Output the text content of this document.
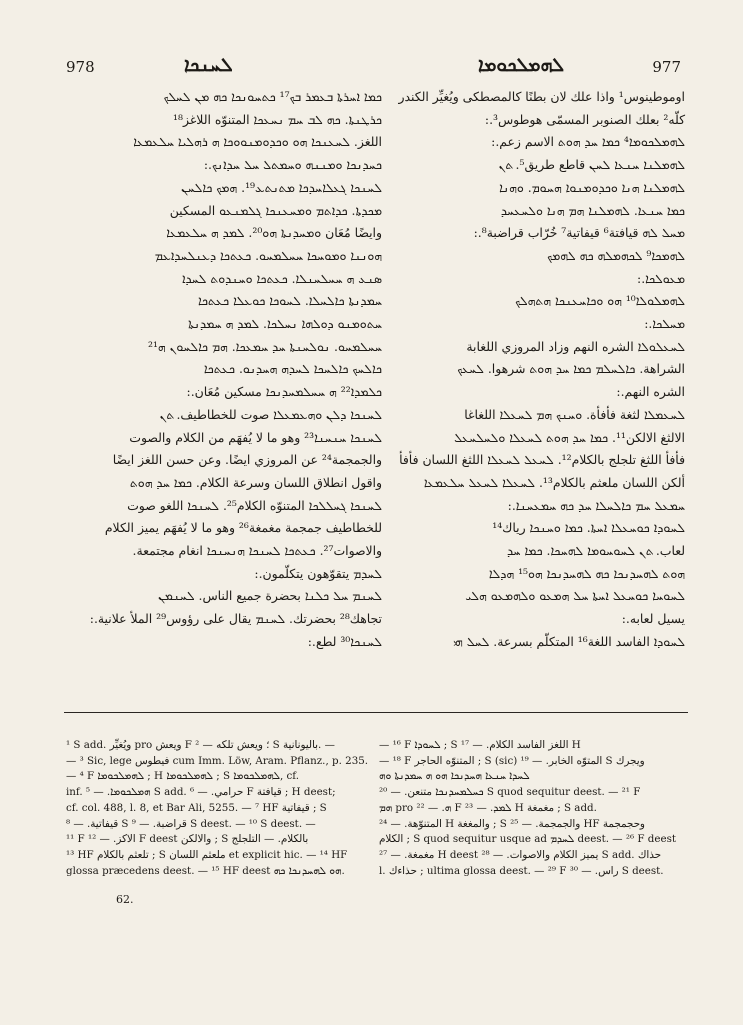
978	ܠܚܢܟܐ	ܠܗܡܠܟܘܡܐ	977

ܟܡܐ ܐܚܪܬܐ ܒܥܡܪ ܒܟ¹⁷ ܟܬܚܘܢܟܐ ܟܗ ܡܢ ܠܚܠܟ

ܟܪܛܢܬܐ. ܟܗ ܠܒ ܚܡ ܢܚܥܟܐ المتنوّه اللاغز¹⁸

اللغز. ܠܚܥܢܟܐ ܗܘ ܘܟܕܘܡܢܘܘܟܐ ܗ ܪܗܠܝܐ ܚܠܥܡܥܐ

ܟܚܕܢܟܐ ܘܡܢܢܗ ܘܚܡܬܠ ܚܠ ܚܕܐܢܟ.:

ܠܚܢܟܐ ܓܥܠܐܚܕܟܐ ܡܬܢܬܥ¹⁹. ܗܡܟ ܟܐܠܚܢ

ܡܟܕܬܐ. ܟܕܐܬܡ ܘܡܚܥܢܟܐ ܓܠܡܢܥܘ المسكين

وايضًا مُعَان ܘܡܚܕܢܬܐ ܗܘ²⁰. ܠܡܕ ܗ ܚܠܥܡܥܐ

ܗܘܢܢܐ ܘܡܘܚܟܐ ܚܚܠܡܚܘ. ܟܥܬܟܐ ܕܥܢܠܚܕܐܥܡ

ܣܢܥ ܗ ܚܚܠܚܢܠܐ. ܟܥܬܟܐ ܘܚܢܕܘܬ ܠܚܕܐ

ܚܡܕܢܬܐ ܟܐܠܚܠܐ. ܠܚܘܟܐ ܟܘܥܠܐ ܟܥܬܟܐ

ܚܬܘܡܢܘ ܕܘܠܗܐ ܢܚܠܟܐ. ܠܡܕ ܗ ܚܡܕܢܬܐ

ܚܚܠܡܚܘ. ܢܘܠܚܢܬܐ ܚܕ ܚܡܥܟܐ. ܗܡ ܟܐܠܚܘܢ ܗ²¹

ܟܐܠܚܟ ܟܐܠܚܟܐ ܠܚܕܗ ܗܚܕܢܘ. ܟܥܬܟܐ

ܟܠܡܕܐ²² ܗ ܚܚܠܡܚܕܢܟܐ مسكين مُعَان.:

ܠܚܢܟܐ ܕܠܢ ܘܗܥܡܥܠܐ صوت للخطاطيف. ܬܢ

ܠܚܢܟܐ ܚܢܚܢܐ²³ وهو ما لا يُفهَم من الكلام والصوت

والجمجمة²⁴ عن المروزي ايضًا. وعن حسن اللغز ايضًا

واقول انطلاق اللسان وسرعة الكلام. ܟܡܐ ܚܕ ܗܘܬ

ܠܚܢܟܐ ܓܚܠܠܟܐ المتنوّه الكلام²⁵. ܠܚܢܟܐ اللغو صوت

للخطاطيف جمجمة مغمغة²⁶ وهو ما لا يُفهَم يميز الكلام

والاصوات²⁷. ܟܥܬܟܐ ܠܚܢܟܐ ܗܢܚܢܟܐ انغام مجتمعة.

ܠܚܕܡ يتقوّهون يتكلّمون.:

ܠܚܢܡ ܚܠ ܟܠܢܐ بحضرة جميع الناس. ܠܚܢܡܢ

تجاهك²⁸ بحضرتك. ܠܚܢܡ يقال على رؤوس²⁹ الملأ علانية.:

ܠܚܢܟܐ³⁰ لطع.:

اوموطينوس¹ واذا علك لان بطنًا كالمصطكى ويُغيِّر الكندر

كلّه² بعلك الصنوبر المسمّى هوطوس³.:

ܠܗܡܠܟܘܡܐ⁴ ܟܡܐ ܚܕ ܗܘܬ الاسم زعم.:

ܠܗܡܠܢܐ ܚܢܥܐ ܠܚܢ قاطع طريق⁵. ܬܢ

ܠܗܡܠܢܐ ܗܢܐ ܘܟܕܘܡܢܘܐ ܗܚܘܡ. ܘܗܢܐ

ܟܡܐ ܚܢܥܐ. ܠܗܡܠܢܐ ܗܡ ܗܢܐ ܘܠܚܥܚܕ

ܡܚܠ ܠܗ قيافتة⁶ قيفاتية⁷ خُرّاب قراضبة⁸.:

ܠܗܡܟܐ⁹ ܠܟܗܡܠܗ ܟܗ ܠܗܡܟ

ܡܥܘܠܟܐ.:

ܠܗܡܠܘܠܐ¹⁰ ܗܘ ܘܟܐܚܥܢܟܐ ܗܬܗܠܟ

ܡܚܠܟܐ.:

ܠܚܥܠܘܠܐ الشره النهم وزاد المروزي اللغابة

الشراهة. ܟܐܠܚܠܡ ܟܡܐ ܚܕ ܗܘܬ شرهوا. ܠܚܥܟ

الشره النهم.:

ܠܚܥܡܠܐ لثغة فأفأة. ܘܚܢܟ ܗܡ ܠܚܥܠܐ اللغاغا

الالثغ الالكن¹¹. ܟܡܐ ܚܕ ܗܘܬ ܠܚܥܠܐ ܘܠܚܠܚܥܠ

فأفأ اللثغ تلجلج بالكلام¹². ܠܚܥܠ ܠܚܥܠܐ اللثغ اللسان فأفأ

ألكن اللسان ملعثم بالكلام¹³. ܠܚܥܠܐ ܠܚܥܠ ܚܠܥܡܥܐ

ܚܡܥܠ ܚܡ ܟܐܠܚܠܐ ܚܕ ܟܗ ܚܡܥܚܢܐ.:

ܠܚܘܕܐ ܟܘܚܥܠܐ ܐܚܬܐ. ܟܡܐ ܘܚܢܟܐ رياك¹⁴

لعاب. ܬܢ ܠܚܘܚܘܡܐ ܠܗܚܟܐ. ܟܡܐ ܚܕ

ܗܘܬ ܠܗܚܕܢܟܐ ܟܗ ܠܗܚܕܢܟܐ ܗܘ¹⁵ ܗܕܠܐ

ܠܚܘܚܐ ܟܘܚܥܠ ܐܚܬܐ ܚܠ ܗܡܥܘ ܘܠܗܡܥܘ ܗܠܝ

يسيل لعابه.:

ܠܚܘܕܐ الفاسد اللغة¹⁶ المتكلّم بسرعة. ܠܚܠ ܗܝ

¹ S add. ويُغيِّر pro ويعش F ؛ ويعش تلكه — ² S باليونانية. —
— ³ Sic, lege فيطوس cum Imm. Löw, Aram. Pflanz., p. 235.
— ⁴ F ܠܗܡܠܟܘܡܐ ; H ܠܗܡܠܟܘܡܐ ; S ܠܗܡܠܟܘܡܐ, cf.
inf. ܗܡܠܟܘܡܐ. — ⁵ S add. حرامي. — ⁶ F قيافتة ; H deest;
cf. col. 488, l. 8, et Bar Ali, 5255. — ⁷ HF قيفاتية ; S
قيفاتية. — ⁸ S قراضبة. — ⁹ S deest. — ¹⁰ S deest. —
¹¹ F الاكز. — ¹² F deest والالكن ; S بالكلام. — التلجلج
¹³ HF تلعثم بالكلام ; S ملعثم اللسان et explicit hic. — ¹⁴ HF
glossa præcedens deest. — ¹⁵ HF deest ܗܘ ܠܗܚܕܢܟܐ ܟܗ.
— ¹⁶ F ܠܚܘܕܐ ; S اللغز الفاسد الكلام. — ¹⁷ H
— ¹⁸ F المتنوّه الحاجر ; S (sic) المتوّه الخابر. — ¹⁹ S ويجرك
ܠܚܕܐ ܚܢܥܐ ܗܚܕܢܟܐ ܗܘ ܗ ܚܡܕܢܬܐ ܘܗ
ܟܚܠܡܚܕܢܟܐ متنعن. — ²⁰ S quod sequitur deest. — ²¹ F
ܗܡ pro ܗ. — ²² F ܠܡܕ. — ²³ H مغمغة ; S add.
المتنوّهة. — ²⁴ H والمغغة ; S والجمجمة. — ²⁵ HF وحجمجمة
الكلام ; S quod sequitur usque ad ܠܚܕܡ deest. — ²⁶ F deest
مغمغة. — ²⁷ H deest يميز الكلام والاصوات. — ²⁸ S add. حذاك
l. حذاءك ; ultima glossa deest. — ²⁹ F راس. — ³⁰ S deest.
62.
